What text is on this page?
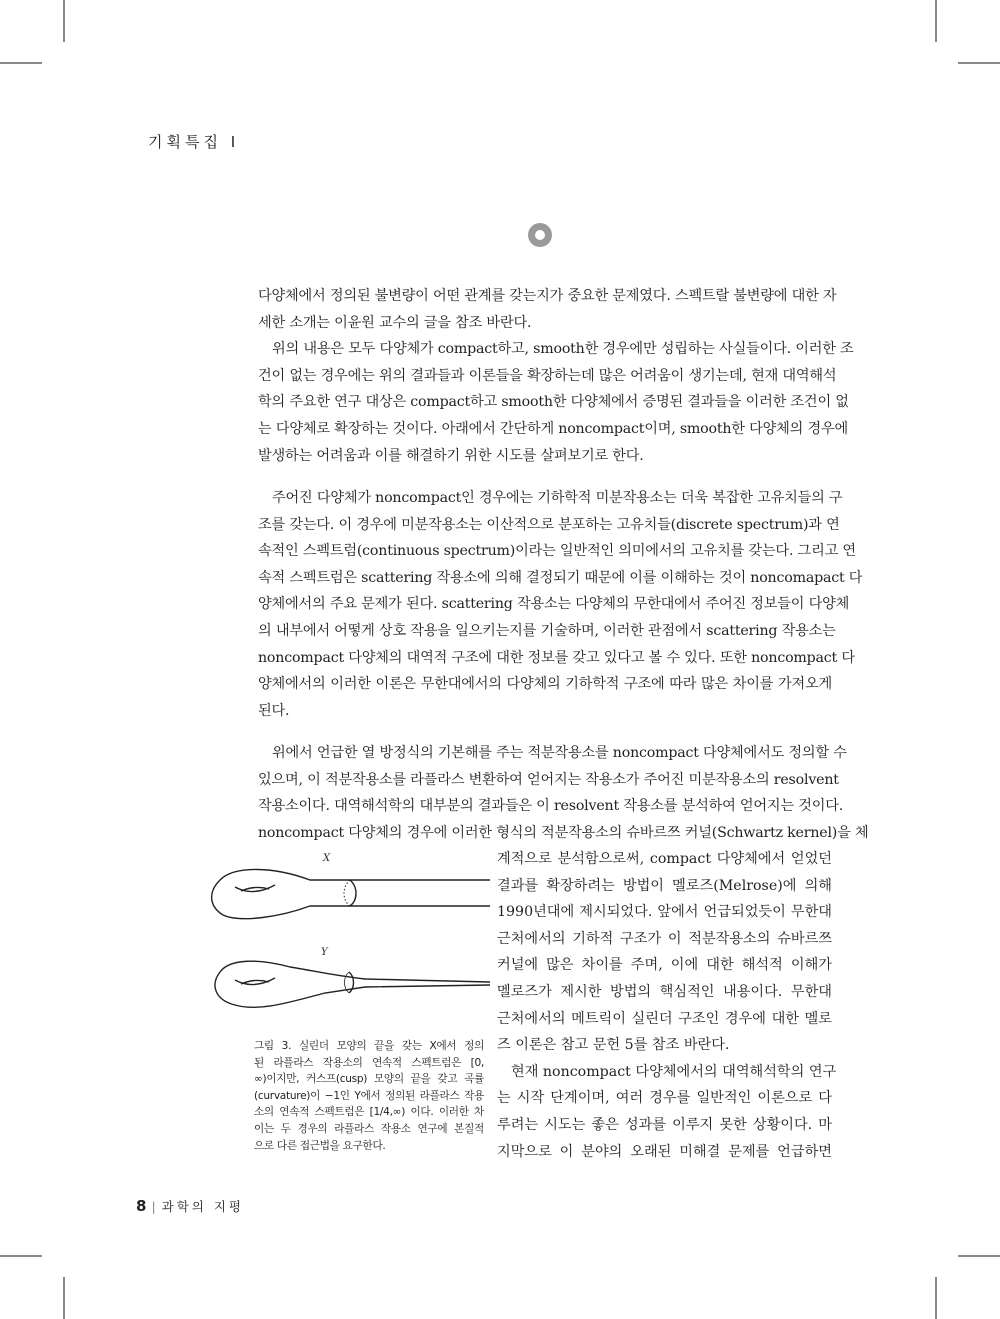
기획특집 I
다양체에서 정의된 불변량이 어떤 관계를 갖는지가 중요한 문제였다. 스펙트랄 불변량에 대한 자
세한 소개는 이윤원 교수의 글을 참조 바란다.
위의 내용은 모두 다양체가 compact하고, smooth한 경우에만 성립하는 사실들이다. 이러한 조
건이 없는 경우에는 위의 결과들과 이론들을 확장하는데 많은 어려움이 생기는데, 현재 대역해석
학의 주요한 연구 대상은 compact하고 smooth한 다양체에서 증명된 결과들을 이러한 조건이 없
는 다양체로 확장하는 것이다. 아래에서 간단하게 noncompact이며, smooth한 다양체의 경우에
발생하는 어려움과 이를 해결하기 위한 시도를 살펴보기로 한다.
주어진 다양체가 noncompact인 경우에는 기하학적 미분작용소는 더욱 복잡한 고유치들의 구
조를 갖는다. 이 경우에 미분작용소는 이산적으로 분포하는 고유치들(discrete spectrum)과 연
속적인 스펙트럼(continuous spectrum)이라는 일반적인 의미에서의 고유치를 갖는다. 그리고 연
속적 스펙트럼은 scattering 작용소에 의해 결정되기 때문에 이를 이해하는 것이 noncomapact 다
양체에서의 주요 문제가 된다. scattering 작용소는 다양체의 무한대에서 주어진 정보들이 다양체
의 내부에서 어떻게 상호 작용을 일으키는지를 기술하며, 이러한 관점에서 scattering 작용소는
noncompact 다양체의 대역적 구조에 대한 정보를 갖고 있다고 볼 수 있다. 또한 noncompact 다
양체에서의 이러한 이론은 무한대에서의 다양체의 기하학적 구조에 따라 많은 차이를 가져오게
된다.
위에서 언급한 열 방정식의 기본해를 주는 적분작용소를 noncompact 다양체에서도 정의할 수
있으며, 이 적분작용소를 라플라스 변환하여 얻어지는 작용소가 주어진 미분작용소의 resolvent
작용소이다. 대역해석학의 대부분의 결과들은 이 resolvent 작용소를 분석하여 얻어지는 것이다.
noncompact 다양체의 경우에 이러한 형식의 적분작용소의 슈바르쯔 커널(Schwartz kernel)을 체
계적으로 분석함으로써, compact 다양체에서 얻었던
결과를 확장하려는 방법이 멜로즈(Melrose)에 의해
1990년대에 제시되었다. 앞에서 언급되었듯이 무한대
근처에서의 기하적 구조가 이 적분작용소의 슈바르쯔
커널에 많은 차이를 주며, 이에 대한 해석적 이해가
멜로즈가 제시한 방법의 핵심적인 내용이다. 무한대
근처에서의 메트릭이 실린더 구조인 경우에 대한 멜로
즈 이론은 참고 문헌 5를 참조 바란다.
현재 noncompact 다양체에서의 대역해석학의 연구
는 시작 단계이며, 여러 경우를 일반적인 이론으로 다
루려는 시도는 좋은 성과를 이루지 못한 상황이다. 마
지막으로 이 분야의 오래된 미해결 문제를 언급하면
X
Y
그림 3. 실린더 모양의 끝을 갖는 X에서 정의
된 라플라스 작용소의 연속적 스펙트럼은 [0,
∞)이지만, 커스프(cusp) 모양의 끝을 갖고 곡률
(curvature)이 −1인 Y에서 정의된 라플라스 작용
소의 연속적 스펙트럼은 [1/4,∞) 이다. 이러한 차
이는 두 경우의 라플라스 작용소 연구에 본질적
으로 다른 접근법을 요구한다.
8 | 과학의 지평
